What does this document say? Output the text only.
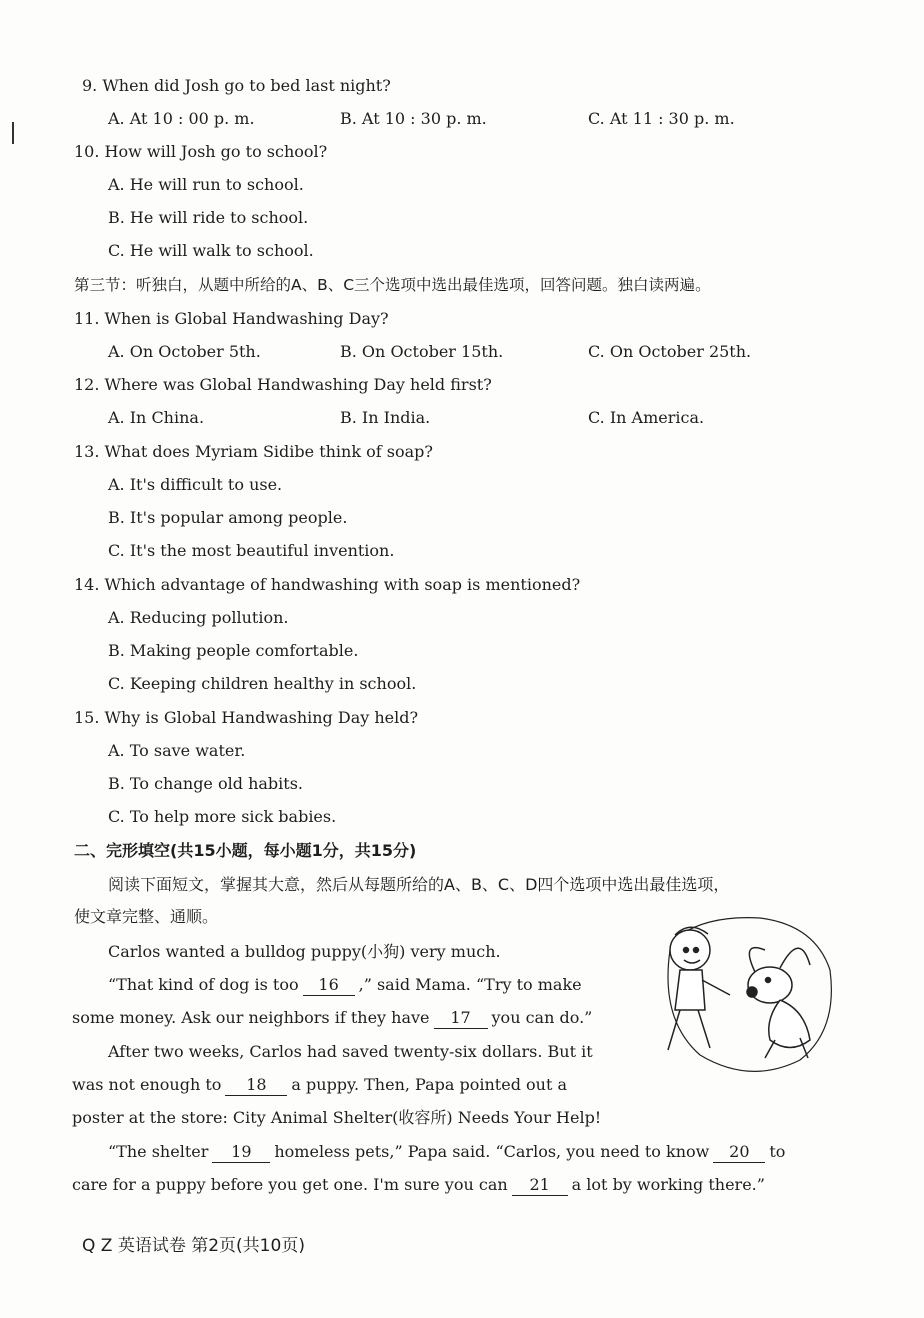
9. When did Josh go to bed last night?
A. At 10 : 00 p. m.	B. At 10 : 30 p. m.	C. At 11 : 30 p. m.
10. How will Josh go to school?
A. He will run to school.
B. He will ride to school.
C. He will walk to school.
第三节：听独白，从题中所给的A、B、C三个选项中选出最佳选项，回答问题。独白读两遍。
11. When is Global Handwashing Day?
A. On October 5th.	B. On October 15th.	C. On October 25th.
12. Where was Global Handwashing Day held first?
A. In China.	B. In India.	C. In America.
13. What does Myriam Sidibe think of soap?
A. It's difficult to use.
B. It's popular among people.
C. It's the most beautiful invention.
14. Which advantage of handwashing with soap is mentioned?
A. Reducing pollution.
B. Making people comfortable.
C. Keeping children healthy in school.
15. Why is Global Handwashing Day held?
A. To save water.
B. To change old habits.
C. To help more sick babies.
二、完形填空(共15小题，每小题1分，共15分)
阅读下面短文，掌握其大意，然后从每题所给的A、B、C、D四个选项中选出最佳选项，
使文章完整、通顺。
Carlos wanted a bulldog puppy(小狗) very much.
“That kind of dog is too 16 ,” said Mama. “Try to make
some money. Ask our neighbors if they have 17 you can do.”
After two weeks, Carlos had saved twenty-six dollars. But it
was not enough to 18 a puppy. Then, Papa pointed out a
poster at the store: City Animal Shelter(收容所) Needs Your Help!
“The shelter 19 homeless pets,” Papa said. “Carlos, you need to know 20 to
care for a puppy before you get one. I'm sure you can 21 a lot by working there.”
Q Z 英语试卷 第2页(共10页)
